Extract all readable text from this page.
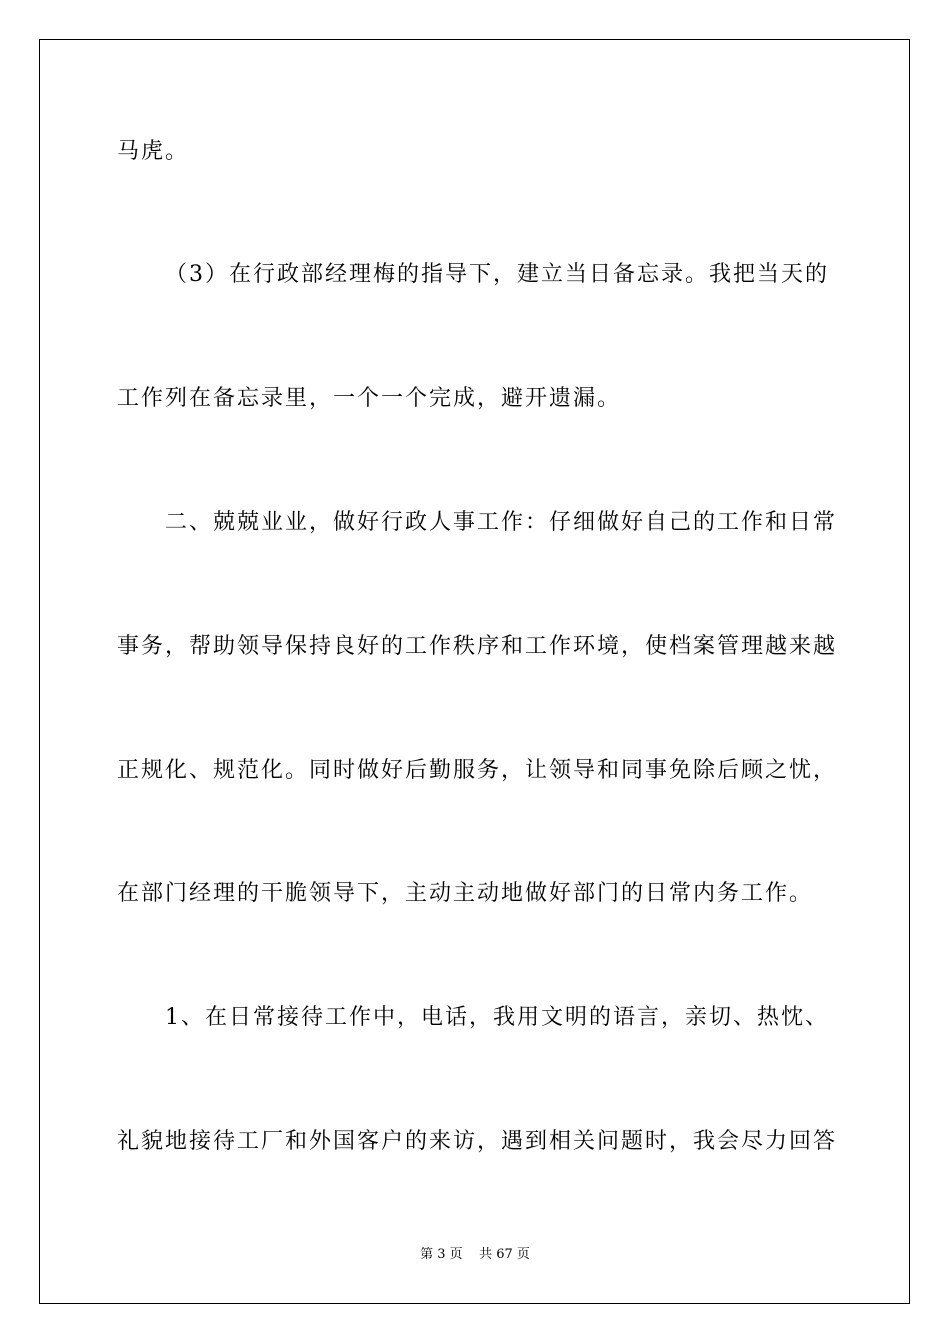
马虎。
（3）在行政部经理梅的指导下，建立当日备忘录。我把当天的
工作列在备忘录里，一个一个完成，避开遗漏。
二、兢兢业业，做好行政人事工作：仔细做好自己的工作和日常
事务，帮助领导保持良好的工作秩序和工作环境，使档案管理越来越
正规化、规范化。同时做好后勤服务，让领导和同事免除后顾之忧，
在部门经理的干脆领导下，主动主动地做好部门的日常内务工作。
1、在日常接待工作中，电话，我用文明的语言，亲切、热忱、
礼貌地接待工厂和外国客户的来访，遇到相关问题时，我会尽力回答
第 3 页    共 67 页
